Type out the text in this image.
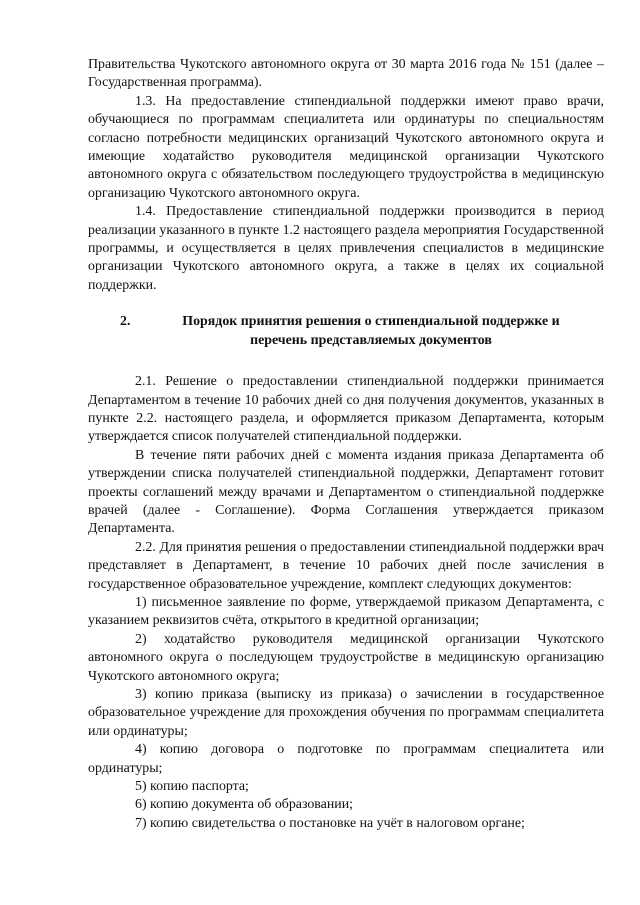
Правительства Чукотского автономного округа от 30 марта 2016 года № 151 (далее – Государственная программа).

1.3. На предоставление стипендиальной поддержки имеют право врачи, обучающиеся по программам специалитета или ординатуры по специальностям согласно потребности медицинских организаций Чукотского автономного округа и имеющие ходатайство руководителя медицинской организации Чукотского автономного округа с обязательством последующего трудоустройства в медицинскую организацию Чукотского автономного округа.

1.4. Предоставление стипендиальной поддержки производится в период реализации указанного в пункте 1.2 настоящего раздела мероприятия Государственной программы, и осуществляется в целях привлечения специалистов в медицинские организации Чукотского автономного округа, а также в целях их социальной поддержки.

2.	Порядок принятия решения о стипендиальной поддержке и
перечень представляемых документов

2.1. Решение о предоставлении стипендиальной поддержки принимается Департаментом в течение 10 рабочих дней со дня получения документов, указанных в пункте 2.2. настоящего раздела, и оформляется приказом Департамента, которым утверждается список получателей стипендиальной поддержки.

В течение пяти рабочих дней с момента издания приказа Департамента об утверждении списка получателей стипендиальной поддержки, Департамент готовит проекты соглашений между врачами и Департаментом о стипендиальной поддержке врачей (далее - Соглашение). Форма Соглашения утверждается приказом Департамента.

2.2. Для принятия решения о предоставлении стипендиальной поддержки врач представляет в Департамент, в течение 10 рабочих дней после зачисления в государственное образовательное учреждение, комплект следующих документов:

1) письменное заявление по форме, утверждаемой приказом Департамента, с указанием реквизитов счёта, открытого в кредитной организации;

2) ходатайство руководителя медицинской организации Чукотского автономного округа о последующем трудоустройстве в медицинскую организацию Чукотского автономного округа;

3) копию приказа (выписку из приказа) о зачислении в государственное образовательное учреждение для прохождения обучения по программам специалитета или ординатуры;

4) копию договора о подготовке по программам специалитета или ординатуры;

5) копию паспорта;

6) копию документа об образовании;

7) копию свидетельства о постановке на учёт в налоговом органе;
